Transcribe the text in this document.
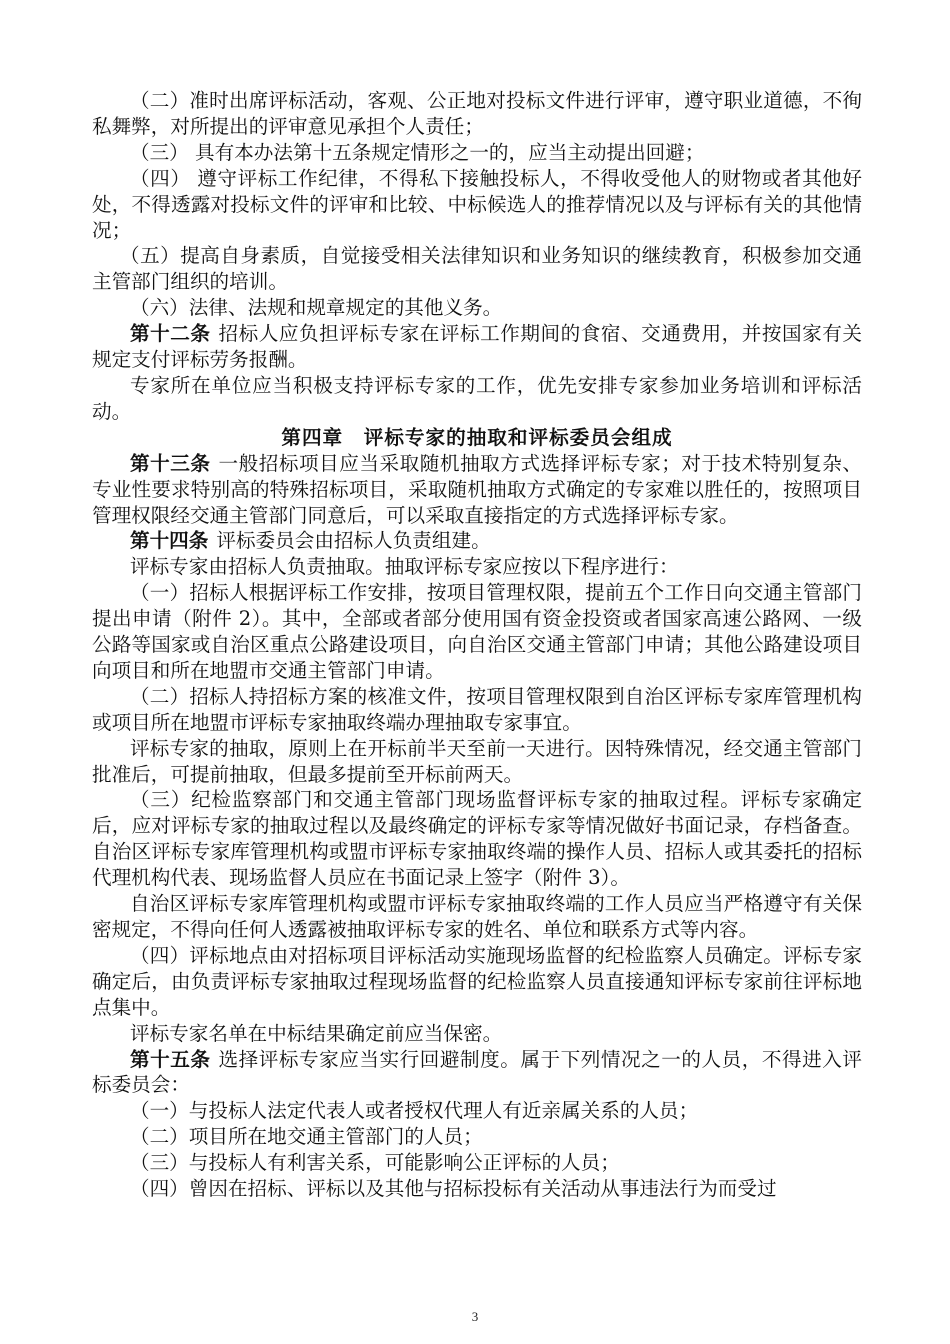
（二）准时出席评标活动，客观、公正地对投标文件进行评审，遵守职业道德，不徇私舞弊，对所提出的评审意见承担个人责任；

（三） 具有本办法第十五条规定情形之一的，应当主动提出回避；

（四） 遵守评标工作纪律，不得私下接触投标人，不得收受他人的财物或者其他好处，不得透露对投标文件的评审和比较、中标候选人的推荐情况以及与评标有关的其他情况；

（五）提高自身素质，自觉接受相关法律知识和业务知识的继续教育，积极参加交通主管部门组织的培训。

（六）法律、法规和规章规定的其他义务。

第十二条 招标人应负担评标专家在评标工作期间的食宿、交通费用，并按国家有关规定支付评标劳务报酬。

专家所在单位应当积极支持评标专家的工作，优先安排专家参加业务培训和评标活动。

第四章　评标专家的抽取和评标委员会组成

第十三条 一般招标项目应当采取随机抽取方式选择评标专家；对于技术特别复杂、专业性要求特别高的特殊招标项目，采取随机抽取方式确定的专家难以胜任的，按照项目管理权限经交通主管部门同意后，可以采取直接指定的方式选择评标专家。

第十四条 评标委员会由招标人负责组建。

评标专家由招标人负责抽取。抽取评标专家应按以下程序进行：

（一）招标人根据评标工作安排，按项目管理权限，提前五个工作日向交通主管部门提出申请（附件 2）。其中，全部或者部分使用国有资金投资或者国家高速公路网、一级公路等国家或自治区重点公路建设项目，向自治区交通主管部门申请；其他公路建设项目向项目和所在地盟市交通主管部门申请。

（二）招标人持招标方案的核准文件，按项目管理权限到自治区评标专家库管理机构或项目所在地盟市评标专家抽取终端办理抽取专家事宜。

评标专家的抽取，原则上在开标前半天至前一天进行。因特殊情况，经交通主管部门批准后，可提前抽取，但最多提前至开标前两天。

（三）纪检监察部门和交通主管部门现场监督评标专家的抽取过程。评标专家确定后，应对评标专家的抽取过程以及最终确定的评标专家等情况做好书面记录，存档备查。自治区评标专家库管理机构或盟市评标专家抽取终端的操作人员、招标人或其委托的招标代理机构代表、现场监督人员应在书面记录上签字（附件 3）。

自治区评标专家库管理机构或盟市评标专家抽取终端的工作人员应当严格遵守有关保密规定，不得向任何人透露被抽取评标专家的姓名、单位和联系方式等内容。

（四）评标地点由对招标项目评标活动实施现场监督的纪检监察人员确定。评标专家确定后，由负责评标专家抽取过程现场监督的纪检监察人员直接通知评标专家前往评标地点集中。

评标专家名单在中标结果确定前应当保密。

第十五条 选择评标专家应当实行回避制度。属于下列情况之一的人员，不得进入评标委员会：

（一）与投标人法定代表人或者授权代理人有近亲属关系的人员；

（二）项目所在地交通主管部门的人员；

（三）与投标人有利害关系，可能影响公正评标的人员；

（四）曾因在招标、评标以及其他与招标投标有关活动从事违法行为而受过

3
